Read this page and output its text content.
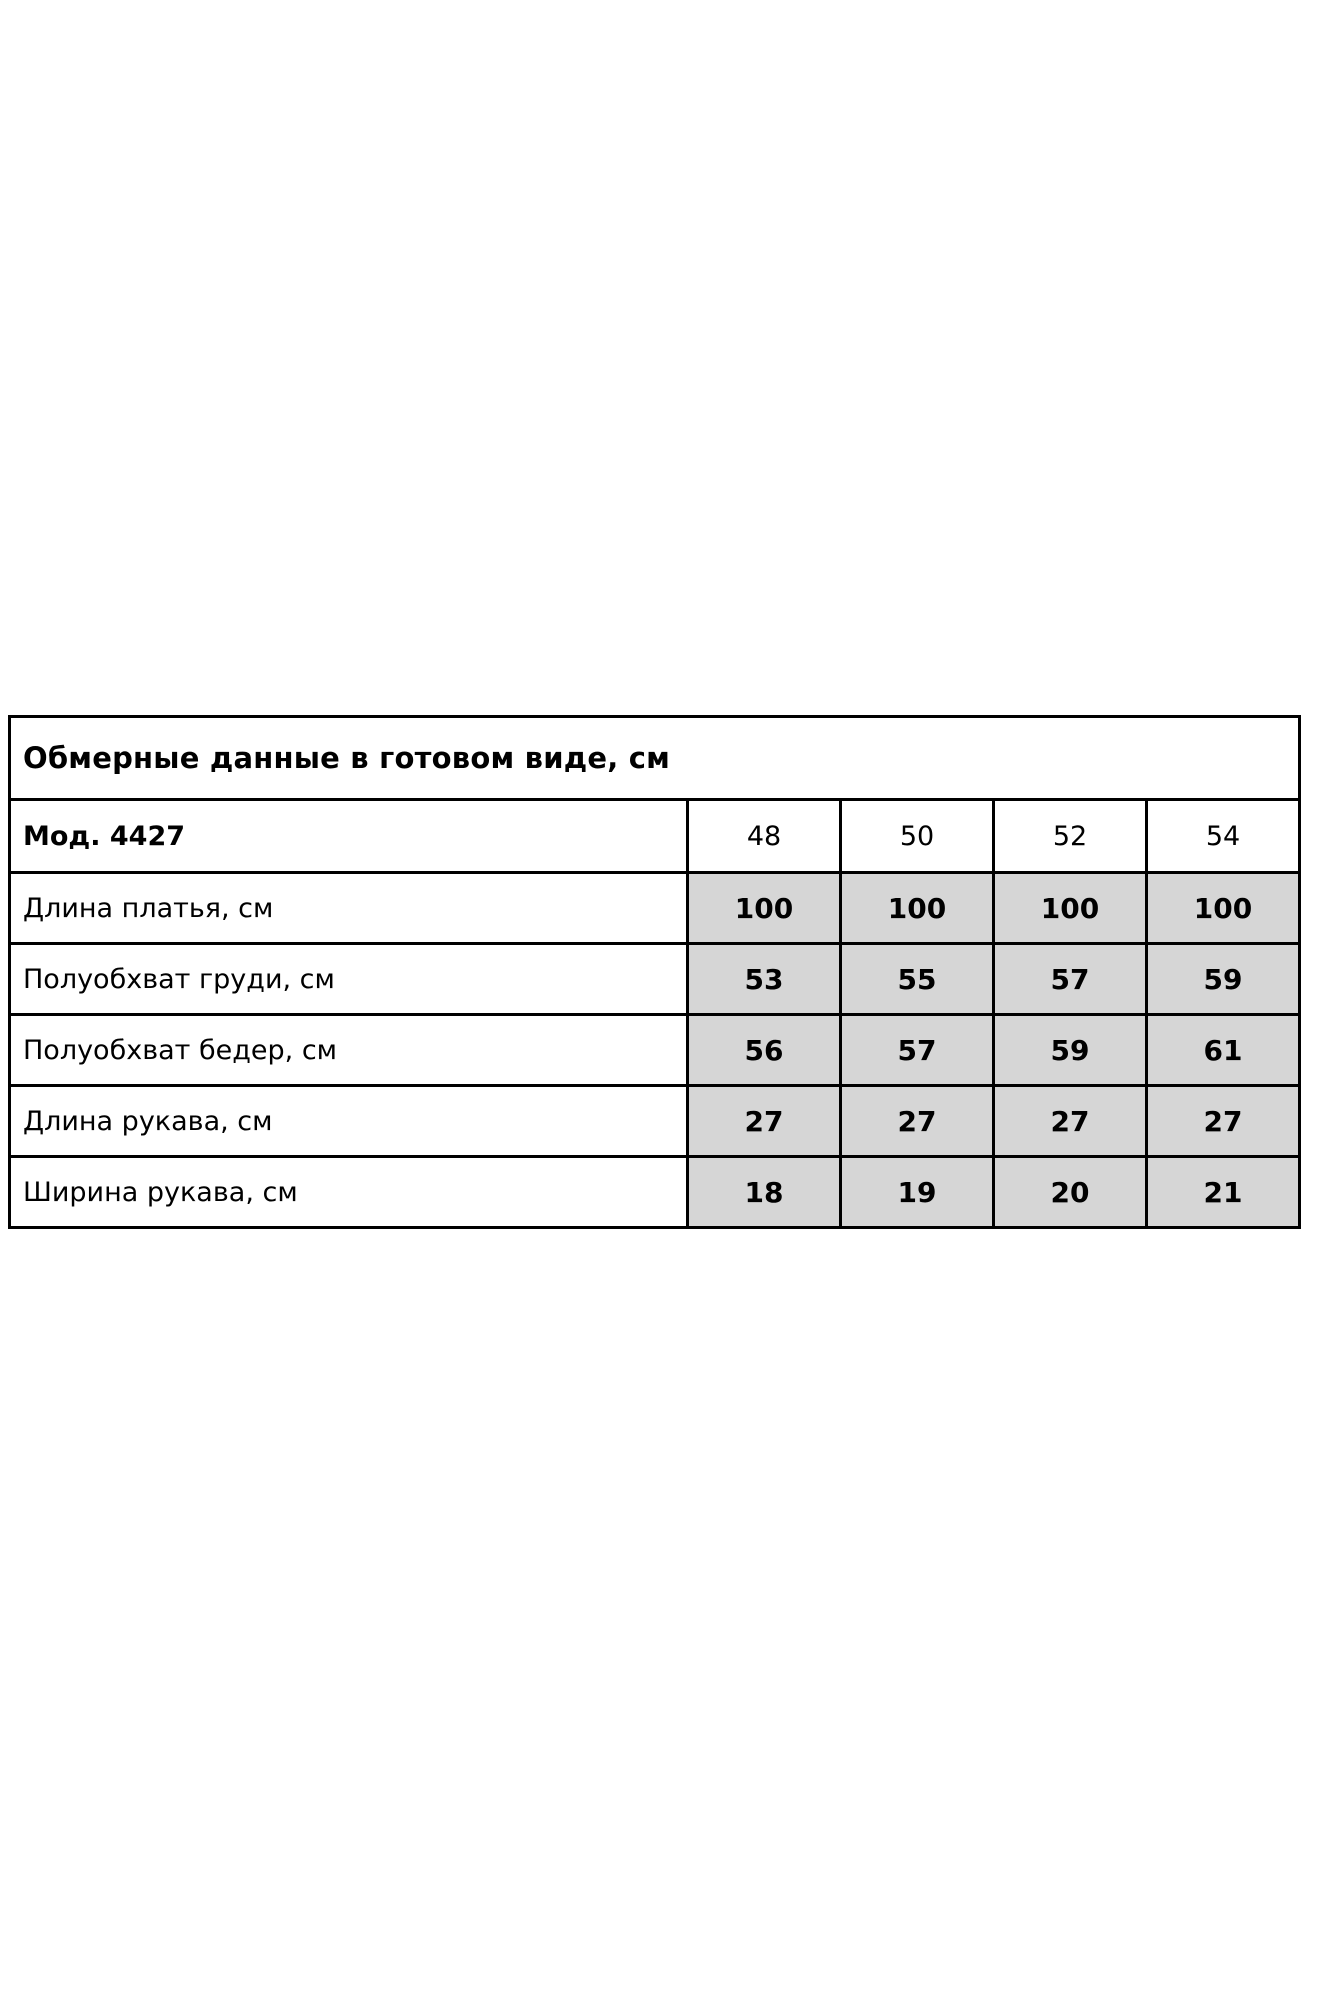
Обмерные данные в готовом виде, см				
Мод. 4427	48	50	52	54
Длина платья, см	100	100	100	100
Полуобхват груди, см	53	55	57	59
Полуобхват бедер, см	56	57	59	61
Длина рукава, см	27	27	27	27
Ширина рукава, см	18	19	20	21
